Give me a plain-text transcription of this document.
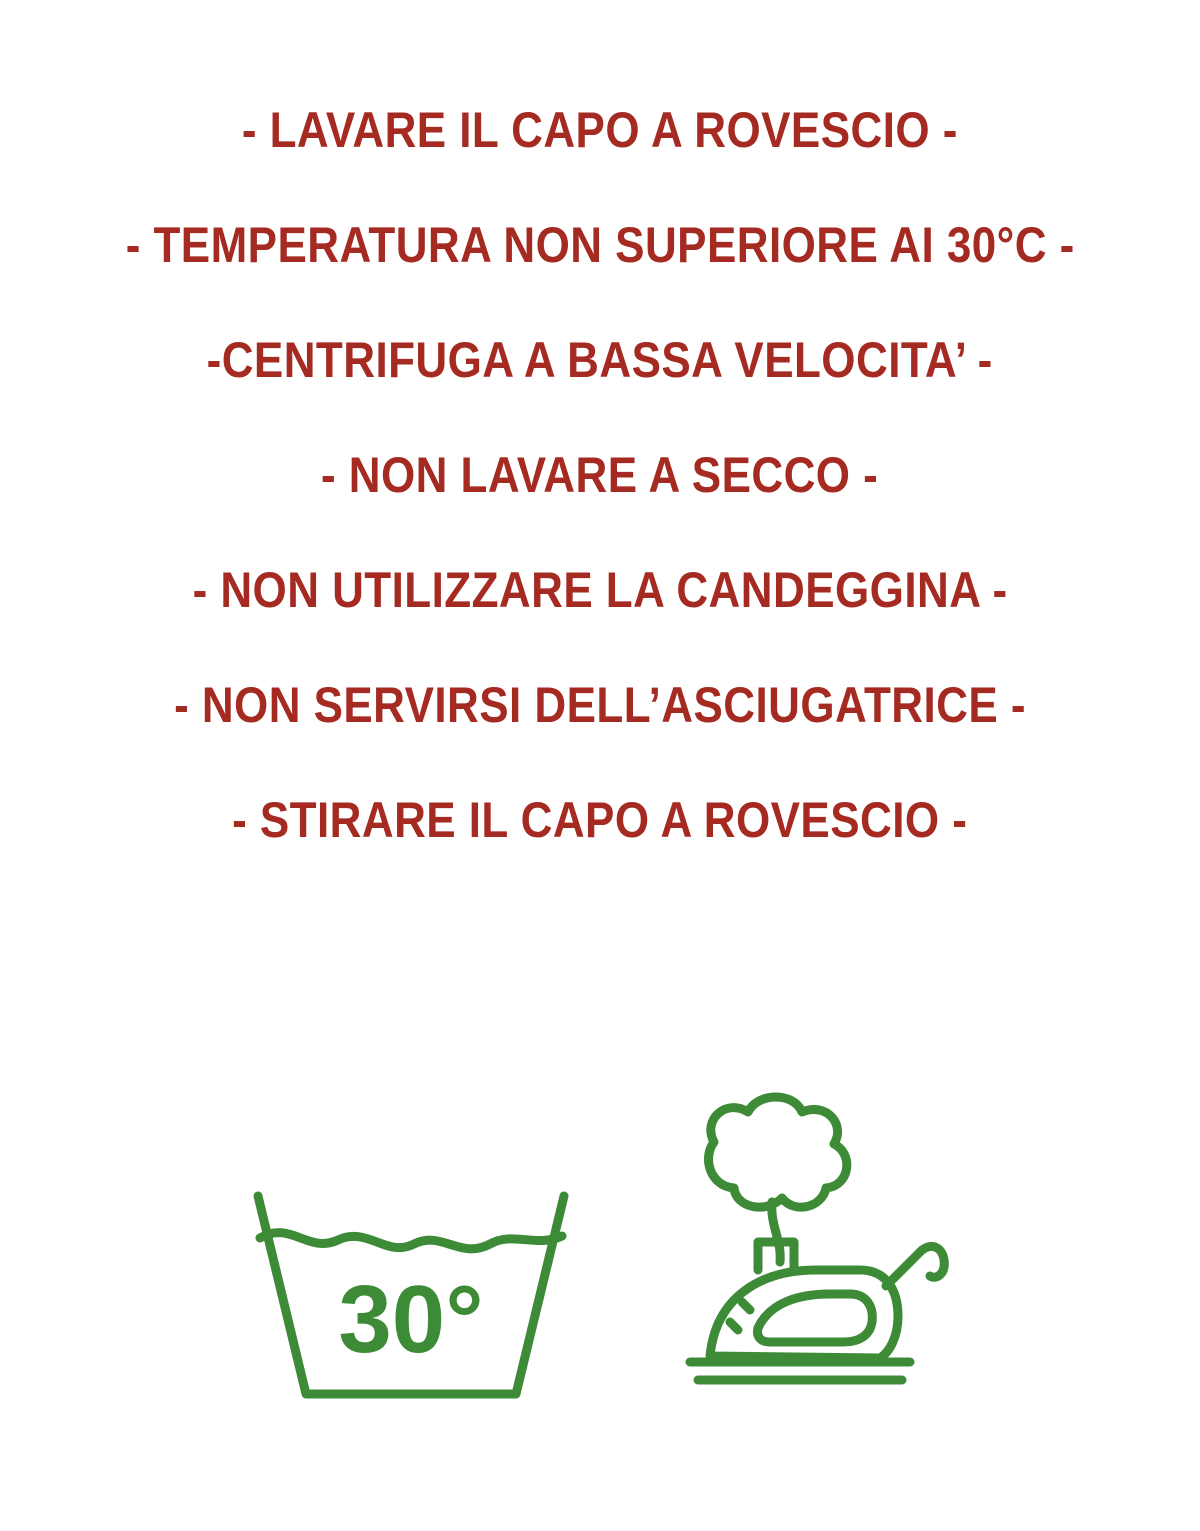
- LAVARE IL CAPO A ROVESCIO -
- TEMPERATURA NON SUPERIORE AI 30°C -
-CENTRIFUGA A BASSA VELOCITA’ -
- NON LAVARE A SECCO -
- NON UTILIZZARE LA CANDEGGINA -
- NON SERVIRSI DELL’ASCIUGATRICE -
- STIRARE IL CAPO A ROVESCIO -
30°
